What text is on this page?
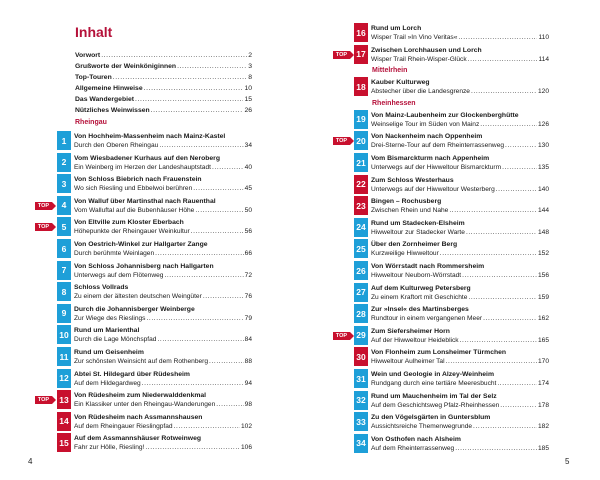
Inhalt
Vorwort .....	2
Grußworte der Weinköniginnen .....	3
Top-Touren .....	8
Allgemeine Hinweise .....	10
Das Wandergebiet .....	15
Nützliches Weinwissen .....	26
Rheingau
1	Von Hochheim-Massenheim nach Mainz-Kastel
Durch den Oberen Rheingau .....	34
2	Vom Wiesbadener Kurhaus auf den Neroberg
Ein Weinberg im Herzen der Landeshauptstadt .....	40
3	Von Schloss Biebrich nach Frauenstein
Wo sich Riesling und Ebbelwoi berühren .....	45
4	Von Walluf über Martinsthal nach Rauenthal
Vom Walluftal auf die Bubenhäuser Höhe .....	50
TOP
5	Von Eltville zum Kloster Eberbach
Höhepunkte der Rheingauer Weinkultur .....	56
TOP
6	Von Oestrich-Winkel zur Hallgarter Zange
Durch berühmte Weinlagen .....	66
7	Von Schloss Johannisberg nach Hallgarten
Unterwegs auf dem Flötenweg .....	72
8	Schloss Vollrads
Zu einem der ältesten deutschen Weingüter .....	76
9	Durch die Johannisberger Weinberge
Zur Wiege des Rieslings .....	79
10 Rund um Marienthal
Durch die Lage Mönchspfad .....	84
11 Rund um Geisenheim
Zur schönsten Weinsicht auf dem Rothenberg .....	88
12 Abtei St. Hildegard über Rüdesheim
Auf dem Hildegardweg .....	94
13 Von Rüdesheim zum Niederwalddenkmal
Ein Klassiker unter den Rheingau-Wanderungen .....	98
TOP
14 Von Rüdesheim nach Assmannshausen
Auf dem Rheingauer Rieslingpfad .....	102
15 Auf dem Assmannshäuser Rotweinweg
Fahr zur Hölle, Riesling! .....	106
4
16 Rund um Lorch
Wisper Trail »In Vino Veritas« .....	110
17 Zwischen Lorchhausen und Lorch
Wisper Trail Rhein-Wisper-Glück .....	114
TOP
Mittelrhein
18 Kauber Kulturweg
Abstecher über die Landesgrenze .....	120
Rheinhessen
19 Von Mainz-Laubenheim zur Glockenberghütte
Weinselige Tour im Süden von Mainz .....	126
20 Von Nackenheim nach Oppenheim
Drei-Sterne-Tour auf dem Rheinterrassenweg .....	130
TOP
21 Vom Bismarckturm nach Appenheim
Unterwegs auf der Hiwweltour Bismarckturm .....	135
22 Zum Schloss Westerhaus
Unterwegs auf der Hiwweltour Westerberg .....	140
23 Bingen – Rochusberg
Zwischen Rhein und Nahe .....	144
24 Rund um Stadecken-Elsheim
Hiwweltour zur Stadecker Warte .....	148
25 Über den Zornheimer Berg
Kurzweilige Hiwweltour .....	152
26 Von Wörrstadt nach Rommersheim
Hiwweltour Neuborn-Wörrstadt .....	156
27 Auf dem Kulturweg Petersberg
Zu einem Kraftort mit Geschichte .....	159
28 Zur »Insel« des Martinsberges
Rundtour in einem vergangenen Meer .....	162
29 Zum Siefersheimer Horn
Auf der Hiwweltour Heideblick .....	165
TOP
30 Von Flonheim zum Lonsheimer Türmchen
Hiwweltour Aulheimer Tal .....	170
31 Wein und Geologie in Alzey-Weinheim
Rundgang durch eine tertiäre Meeresbucht .....	174
32 Rund um Mauchenheim im Tal der Selz
Auf dem Geschichtsweg Pfalz-Rheinhessen .....	178
33 Zu den Vögelsgärten in Guntersblum
Aussichtsreiche Themenwegrunde .....	182
34 Von Osthofen nach Alsheim
Auf dem Rheinterrassenweg .....	185
5
